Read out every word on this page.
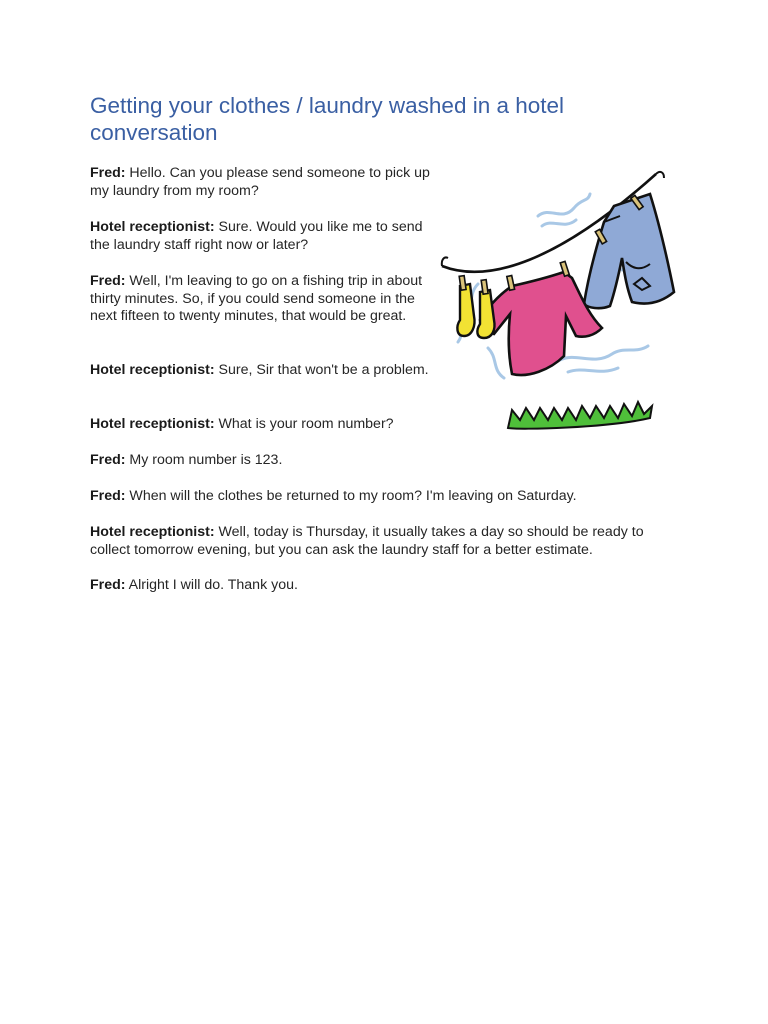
Getting your clothes / laundry washed in a hotel conversation

Fred: Hello. Can you please send someone to pick up my laundry from my room?

Hotel receptionist: Sure. Would you like me to send the laundry staff right now or later?

Fred: Well, I'm leaving to go on a fishing trip in about thirty minutes. So, if you could send someone in the next fifteen to twenty minutes, that would be great.

Hotel receptionist: Sure, Sir that won't be a problem.

Hotel receptionist: What is your room number?

Fred: My room number is 123.

Fred: When will the clothes be returned to my room? I'm leaving on Saturday.

Hotel receptionist: Well, today is Thursday, it usually takes a day so should be ready to collect tomorrow evening, but you can ask the laundry staff for a better estimate.

Fred: Alright I will do. Thank you.
